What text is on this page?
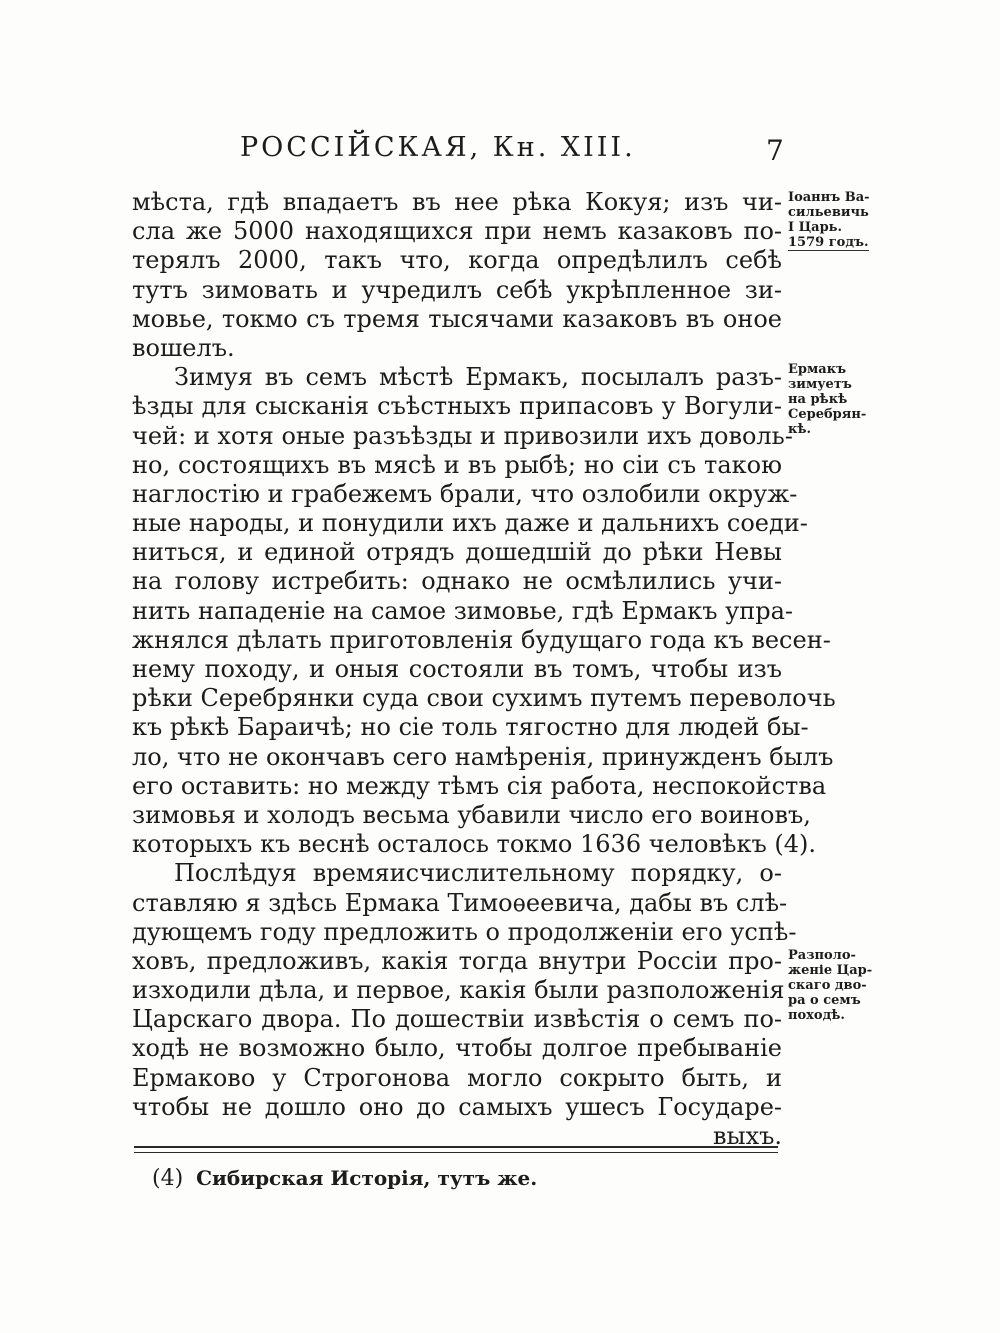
РОССІЙСКАЯ, Кн. XIII.	7
мѣста, гдѣ впадаетъ въ нее рѣка Кокуя; изъ чи-
сла же 5000 находящихся при немъ казаковъ по-
терялъ 2000, такъ что, когда опредѣлилъ себѣ
тутъ зимовать и учредилъ себѣ укрѣпленное зи-
мовье, токмо съ тремя тысячами казаковъ въ оное
вошелъ.
Зимуя въ семъ мѣстѣ Ермакъ, посылалъ разъ-
ѣзды для сысканія съѣстныхъ припасовъ у Вогули-
чей: и хотя оные разъѣзды и привозили ихъ доволь-
но, состоящихъ въ мясѣ и въ рыбѣ; но сіи съ такою
наглостію и грабежемъ брали, что озлобили окруж-
ные народы, и понудили ихъ даже и дальнихъ соеди-
ниться, и единой отрядъ дошедшій до рѣки Невы
на голову истребить: однако не осмѣлились учи-
нить нападеніе на самое зимовье, гдѣ Ермакъ упра-
жнялся дѣлать приготовленія будущаго года къ весен-
нему походу, и оныя состояли въ томъ, чтобы изъ
рѣки Серебрянки суда свои сухимъ путемъ переволочь
къ рѣкѣ Бараичѣ; но сіе толь тягостно для людей бы-
ло, что не окончавъ сего намѣренія, принужденъ былъ
его оставить: но между тѣмъ сія работа, неспокойства
зимовья и холодъ весьма убавили число его воиновъ,
которыхъ къ веснѣ осталось токмо 1636 человѣкъ (4).
Послѣдуя времяисчислительному порядку, о-
ставляю я здѣсь Ермака Тимоѳеевича, дабы въ слѣ-
дующемъ году предложить о продолженіи его успѣ-
ховъ, предложивъ, какія тогда внутри Россіи про-
изходили дѣла, и первое, какія были разположенія
Царскаго двора. По дошествіи извѣстія о семъ по-
ходѣ не возможно было, чтобы долгое пребываніе
Ермаково у Строгонова могло сокрыто быть, и
чтобы не дошло оно до самыхъ ушесъ Государе-
выхъ.
Іоаннъ Ва-
сильевичь
I Царь.
1579 годъ.
Ермакъ
зимуетъ
на рѣкѣ
Серебрян-
кѣ.
Разполо-
женіе Цар-
скаго дво-
ра о семъ
походѣ.
(4) Сибирская Исторія, тутъ же.
